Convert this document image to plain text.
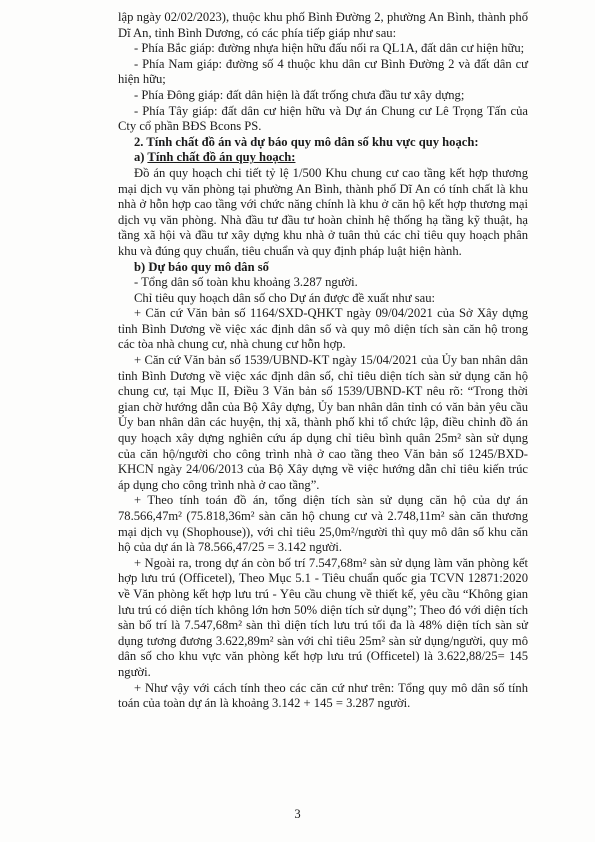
lập ngày 02/02/2023), thuộc khu phố Bình Đường 2, phường An Bình, thành phố Dĩ An, tỉnh Bình Dương, có các phía tiếp giáp như sau:

- Phía Bắc giáp: đường nhựa hiện hữu đấu nối ra QL1A, đất dân cư hiện hữu;

- Phía Nam giáp: đường số 4 thuộc khu dân cư Bình Đường 2 và đất dân cư hiện hữu;

- Phía Đông giáp: đất dân hiện là đất trống chưa đầu tư xây dựng;

- Phía Tây giáp: đất dân cư hiện hữu và Dự án Chung cư Lê Trọng Tấn của Cty cổ phần BĐS Bcons PS.

2. Tính chất đồ án và dự báo quy mô dân số khu vực quy hoạch:

a) Tính chất đồ án quy hoạch:

Đồ án quy hoạch chi tiết tỷ lệ 1/500 Khu chung cư cao tầng kết hợp thương mại dịch vụ văn phòng tại phường An Bình, thành phố Dĩ An có tính chất là khu nhà ở hỗn hợp cao tầng với chức năng chính là khu ở căn hộ kết hợp thương mại dịch vụ văn phòng. Nhà đầu tư đầu tư hoàn chỉnh hệ thống hạ tầng kỹ thuật, hạ tầng xã hội và đầu tư xây dựng khu nhà ở tuân thủ các chỉ tiêu quy hoạch phân khu và đúng quy chuẩn, tiêu chuẩn và quy định pháp luật hiện hành.

b) Dự báo quy mô dân số

- Tổng dân số toàn khu khoảng 3.287 người.

Chỉ tiêu quy hoạch dân số cho Dự án được đề xuất như sau:

+ Căn cứ Văn bản số 1164/SXD-QHKT ngày 09/04/2021 của Sở Xây dựng tỉnh Bình Dương về việc xác định dân số và quy mô diện tích sàn căn hộ trong các tòa nhà chung cư, nhà chung cư hỗn hợp.

+ Căn cứ Văn bản số 1539/UBND-KT ngày 15/04/2021 của Ủy ban nhân dân tỉnh Bình Dương về việc xác định dân số, chỉ tiêu diện tích sàn sử dụng căn hộ chung cư, tại Mục II, Điều 3 Văn bản số 1539/UBND-KT nêu rõ: “Trong thời gian chờ hướng dẫn của Bộ Xây dựng, Ủy ban nhân dân tỉnh có văn bản yêu cầu Ủy ban nhân dân các huyện, thị xã, thành phố khi tổ chức lập, điều chỉnh đồ án quy hoạch xây dựng nghiên cứu áp dụng chỉ tiêu bình quân 25m² sàn sử dụng của căn hộ/người cho công trình nhà ở cao tầng theo Văn bản số 1245/BXD-KHCN ngày 24/06/2013 của Bộ Xây dựng về việc hướng dẫn chỉ tiêu kiến trúc áp dụng cho công trình nhà ở cao tầng”.

+ Theo tính toán đồ án, tổng diện tích sàn sử dụng căn hộ của dự án 78.566,47m² (75.818,36m² sàn căn hộ chung cư và 2.748,11m² sàn căn thương mại dịch vụ (Shophouse)), với chỉ tiêu 25,0m²/người thì quy mô dân số khu căn hộ của dự án là 78.566,47/25 = 3.142 người.

+ Ngoài ra, trong dự án còn bố trí 7.547,68m² sàn sử dụng làm văn phòng kết hợp lưu trú (Officetel), Theo Mục 5.1 - Tiêu chuẩn quốc gia TCVN 12871:2020 về Văn phòng kết hợp lưu trú - Yêu cầu chung về thiết kế, yêu cầu “Không gian lưu trú có diện tích không lớn hơn 50% diện tích sử dụng”; Theo đó với diện tích sàn bố trí là 7.547,68m² sàn thì diện tích lưu trú tối đa là 48% diện tích sàn sử dụng tương đương 3.622,89m² sàn với chỉ tiêu 25m² sàn sử dụng/người, quy mô dân số cho khu vực văn phòng kết hợp lưu trú (Officetel) là 3.622,88/25= 145 người.

+ Như vậy với cách tính theo các căn cứ như trên: Tổng quy mô dân số tính toán của toàn dự án là khoảng 3.142 + 145 = 3.287 người.

3
